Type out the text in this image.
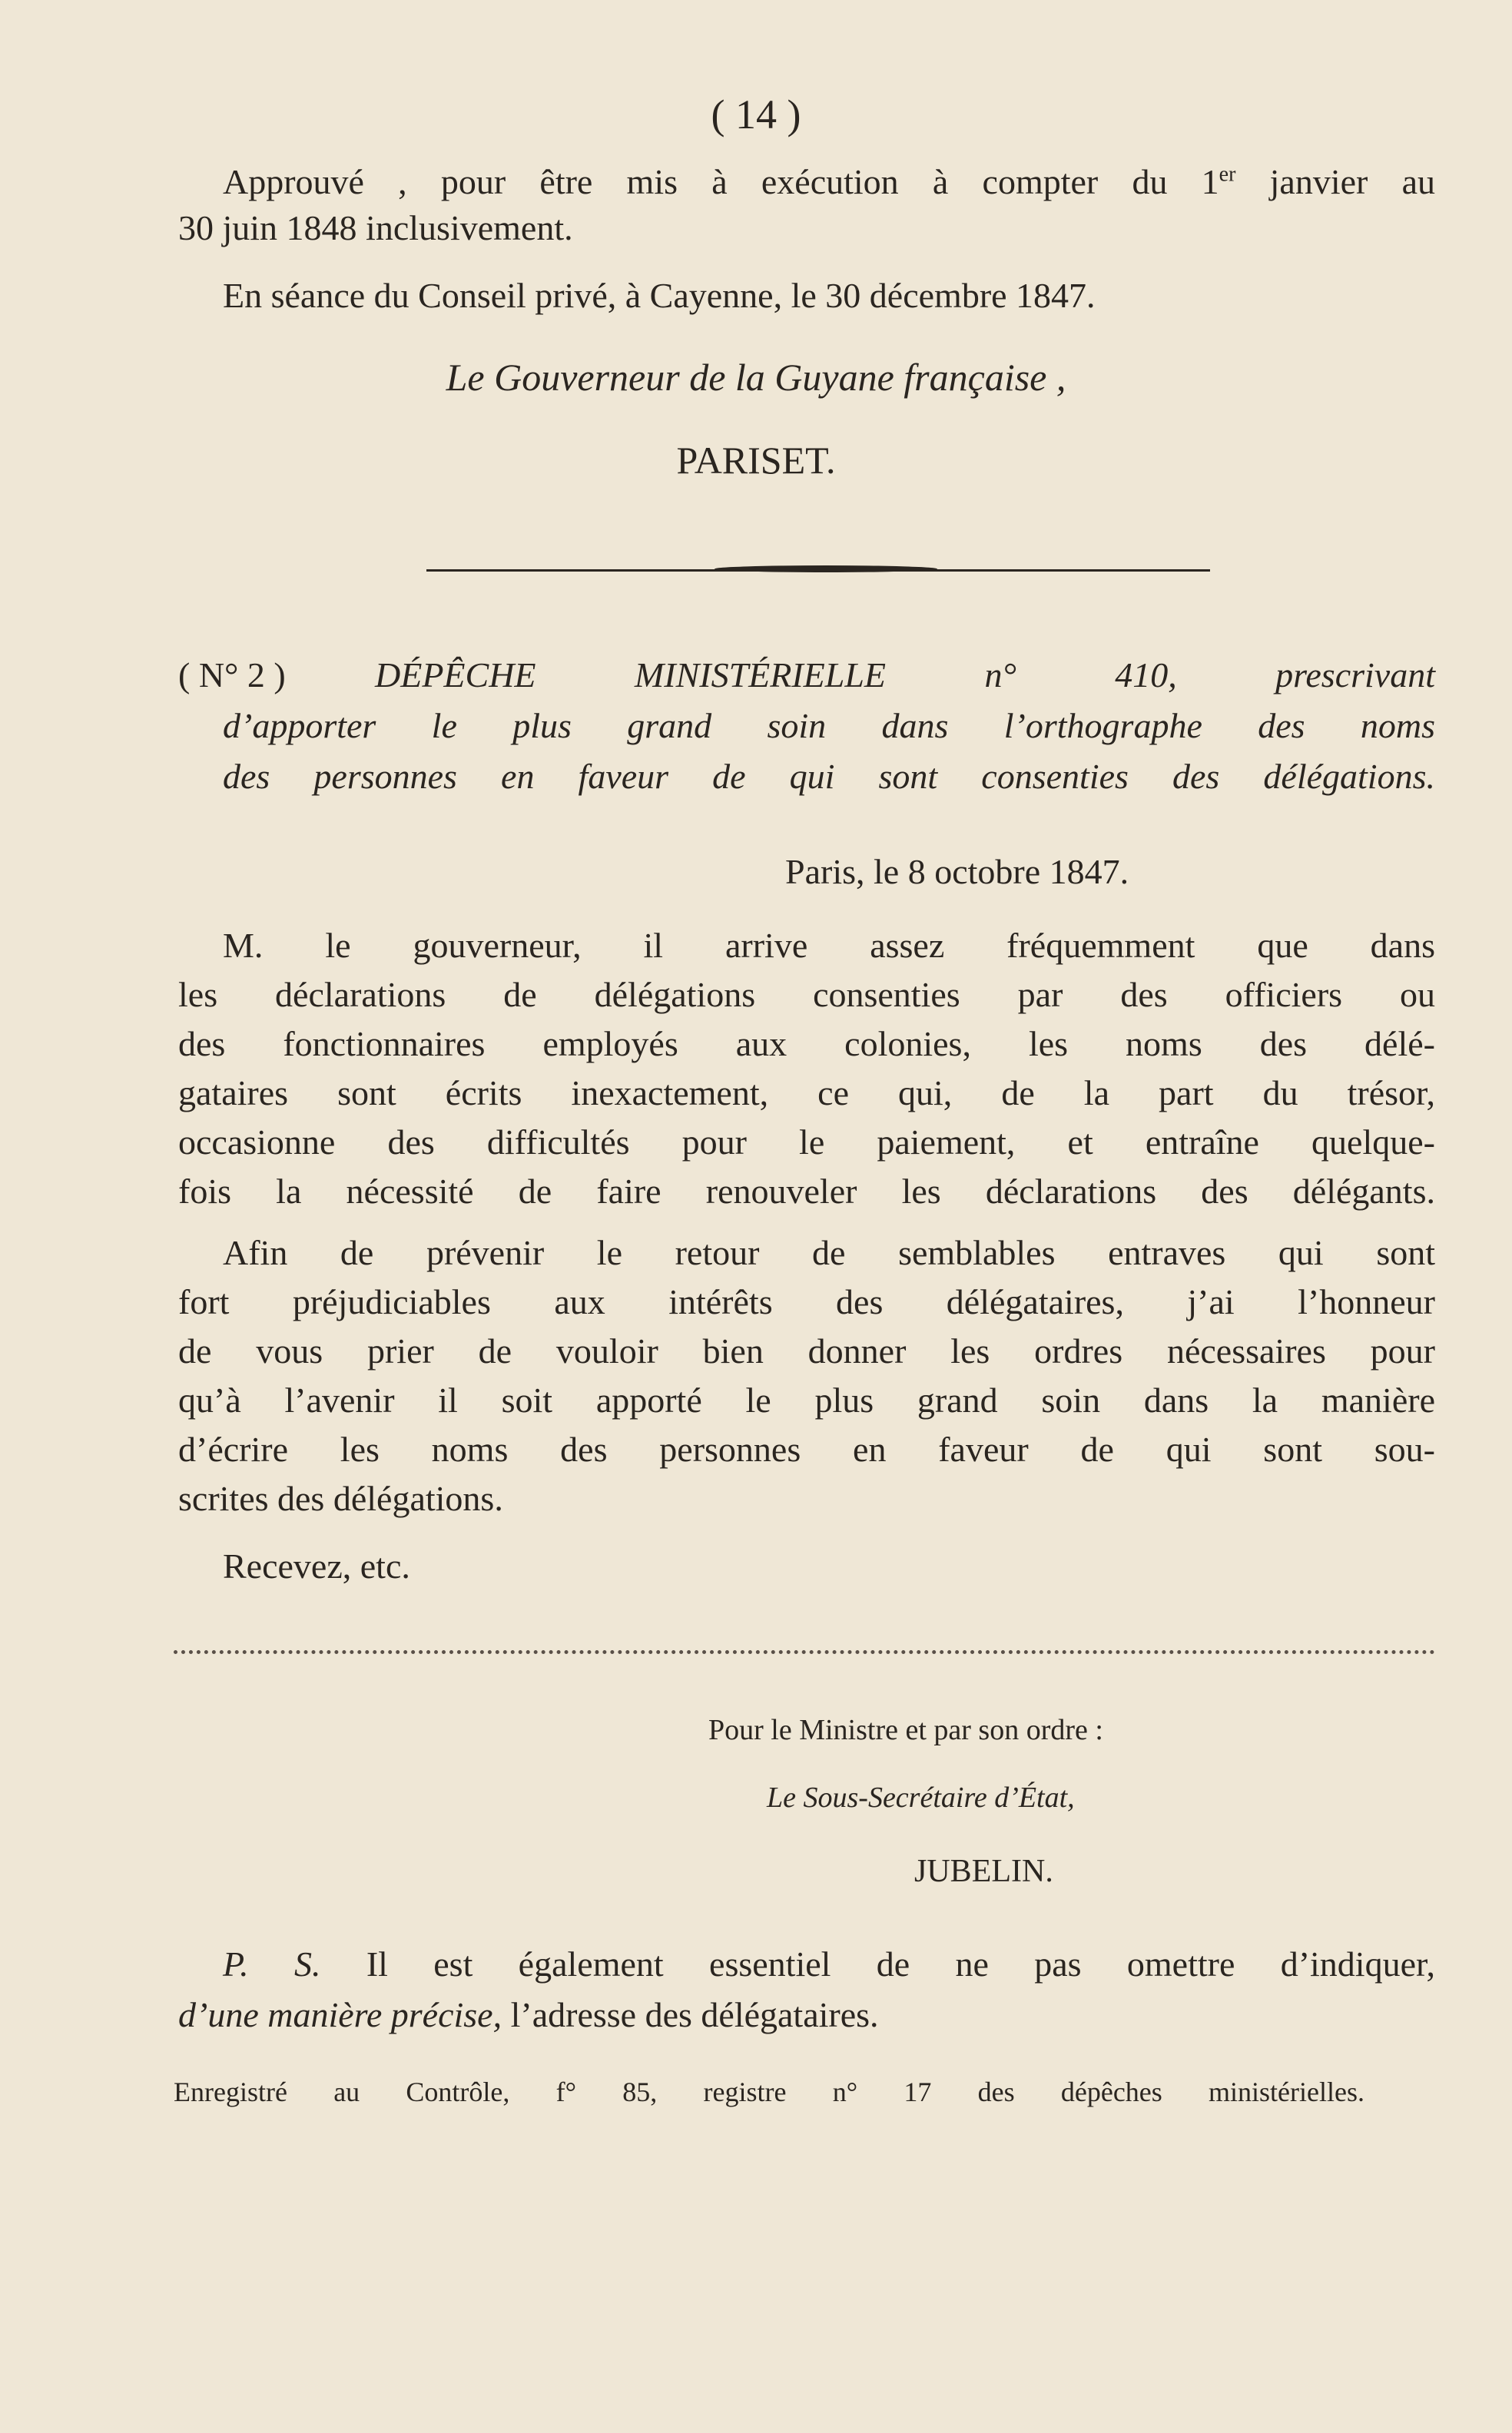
( 14 )
Approuvé , pour être mis à exécution à compter du 1er janvier au
30 juin 1848 inclusivement.
En séance du Conseil privé, à Cayenne, le 30 décembre 1847.
Le Gouverneur de la Guyane française ,
PARISET.
( N° 2 )	DÉPÊCHE MINISTÉRIELLE n° 410, prescrivant
d’apporter le plus grand soin dans l’orthographe des noms
des personnes en faveur de qui sont consenties des délégations.
Paris, le 8 octobre 1847.
M. le gouverneur, il arrive assez fréquemment que dans
les déclarations de délégations consenties par des officiers ou
des fonctionnaires employés aux colonies, les noms des délé-
gataires sont écrits inexactement, ce qui, de la part du trésor,
occasionne des difficultés pour le paiement, et entraîne quelque-
fois la nécessité de faire renouveler les déclarations des délégants.
Afin de prévenir le retour de semblables entraves qui sont
fort préjudiciables aux intérêts des délégataires, j’ai l’honneur
de vous prier de vouloir bien donner les ordres nécessaires pour
qu’à l’avenir il soit apporté le plus grand soin dans la manière
d’écrire les noms des personnes en faveur de qui sont sou-
scrites des délégations.
Recevez, etc.
Pour le Ministre et par son ordre :
Le Sous-Secrétaire d’État,
JUBELIN.
P. S. Il est également essentiel de ne pas omettre d’indiquer,
d’une manière précise, l’adresse des délégataires.
Enregistré au Contrôle, f° 85, registre n° 17 des dépêches ministérielles.
